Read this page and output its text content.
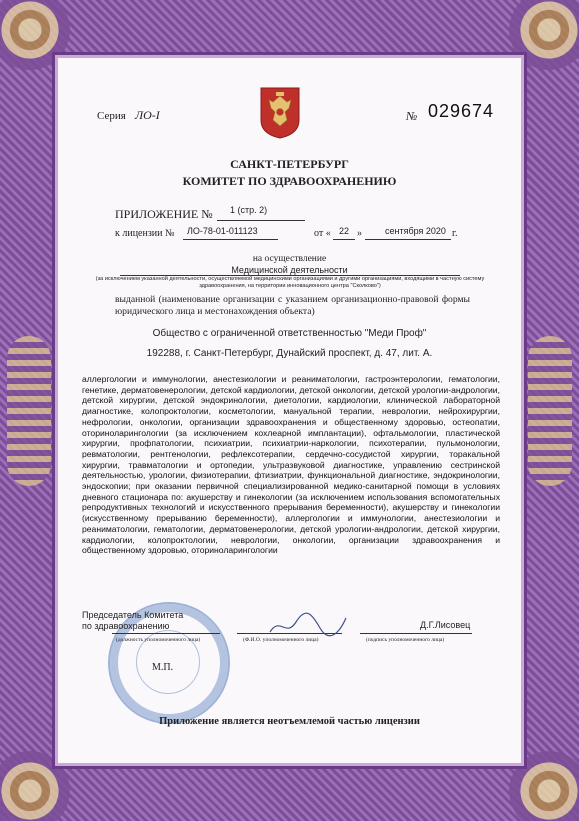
Серия ЛО-I	№ 029674
САНКТ-ПЕТЕРБУРГ
КОМИТЕТ ПО ЗДРАВООХРАНЕНИЮ
ПРИЛОЖЕНИЕ № 1 (стр. 2)
к лицензии № ЛО-78-01-011123	от « 22 »	сентября 2020 г.
на осуществление
Медицинской деятельности
(за исключением указанной деятельности, осуществляемой медицинскими организациями и другими организациями, входящими в частную систему здравоохранения, на территории инновационного центра "Сколково")
выданной (наименование организации с указанием организационно-правовой формы юридического лица и местонахождения объекта)
Общество с ограниченной ответственностью "Меди Проф"
192288, г. Санкт-Петербург, Дунайский проспект, д. 47, лит. А.
аллергологии и иммунологии, анестезиологии и реаниматологии, гастроэнтерологии, гематологии, генетике, дерматовенерологии, детской кардиологии, детской онкологии, детской урологии-андрологии, детской хирургии, детской эндокринологии, диетологии, кардиологии, клинической лабораторной диагностике, колопроктологии, косметологии, мануальной терапии, неврологии, нейрохирургии, нефрологии, онкологии, организации здравоохранения и общественному здоровью, остеопатии, оториноларингологии (за исключением кохлеарной имплантации), офтальмологии, пластической хирургии, профпатологии, психиатрии, психиатрии-наркологии, психотерапии, пульмонологии, ревматологии, рентгенологии, рефлексотерапии, сердечно-сосудистой хирургии, торакальной хирургии, травматологии и ортопедии, ультразвуковой диагностике, управлению сестринской деятельностью, урологии, физиотерапии, фтизиатрии, функциональной диагностике, эндокринологии, эндоскопии; при оказании первичной специализированной медико-санитарной помощи в условиях дневного стационара по: акушерству и гинекологии (за исключением использования вспомогательных репродуктивных технологий и искусственного прерывания беременности), акушерству и гинекологии (искусственному прерыванию беременности), аллергологии и иммунологии, анестезиологии и реаниматологии, гематологии, дерматовенерологии, детской урологии-андрологии, детской хирургии, кардиологии, колопроктологии, неврологии, онкологии, организации здравоохранения и общественному здоровью, оториноларингологии
Председатель Комитета
по здравоохранению	Д.Г.Лисовец
(должность уполномоченного лица)	(Ф.И.О. уполномоченного лица)	(подпись уполномоченного лица)
М.П.
Приложение является неотъемлемой частью лицензии
